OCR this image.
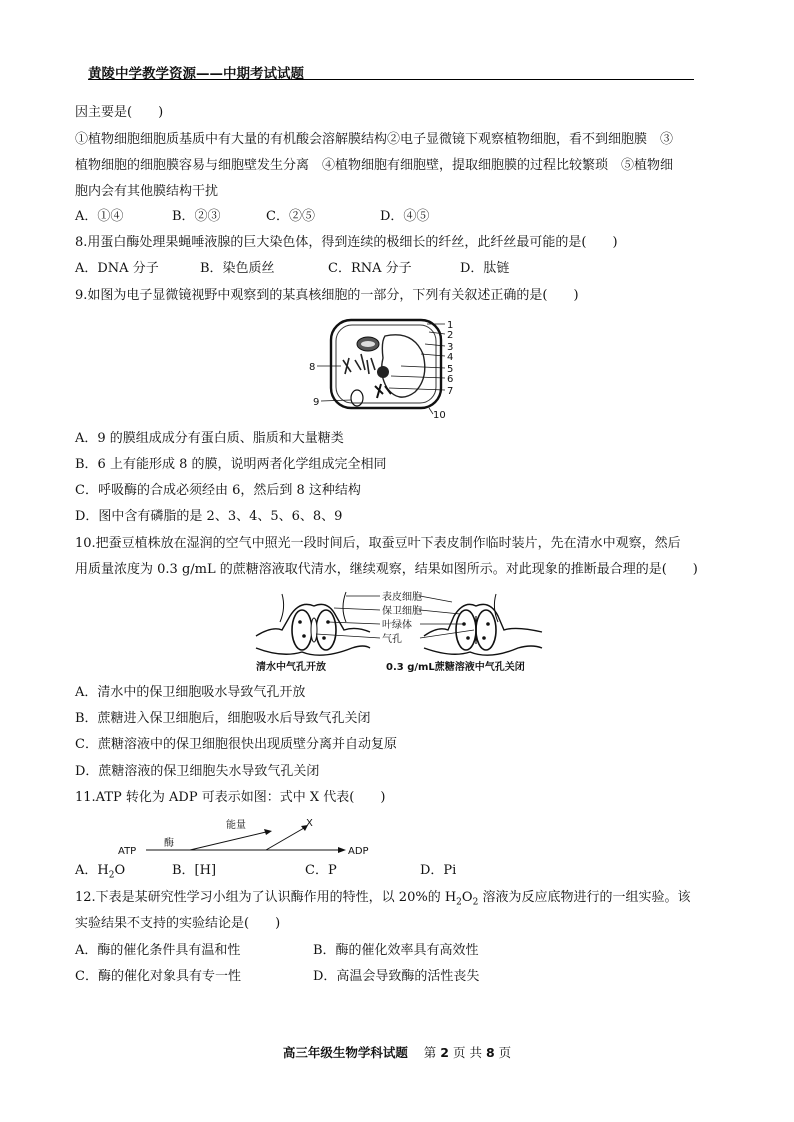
黄陵中学教学资源——中期考试试题
因主要是(　　)
①植物细胞细胞质基质中有大量的有机酸会溶解膜结构②电子显微镜下观察植物细胞，看不到细胞膜　③
植物细胞的细胞膜容易与细胞壁发生分离　④植物细胞有细胞壁，提取细胞膜的过程比较繁琐　⑤植物细
胞内会有其他膜结构干扰
A．①④	B．②③	C．②⑤	D．④⑤
8.用蛋白酶处理果蝇唾液腺的巨大染色体，得到连续的极细长的纤丝，此纤丝最可能的是(　　)
A．DNA 分子	B．染色质丝	C．RNA 分子	D．肽链
9.如图为电子显微镜视野中观察到的某真核细胞的一部分，下列有关叙述正确的是(　　)
1
2
3
4
5
6
7
8
9
10
A．9 的膜组成成分有蛋白质、脂质和大量糖类
B．6 上有能形成 8 的膜，说明两者化学组成完全相同
C．呼吸酶的合成必须经由 6，然后到 8 这种结构
D．图中含有磷脂的是 2、3、4、5、6、8、9
10.把蚕豆植株放在湿润的空气中照光一段时间后，取蚕豆叶下表皮制作临时装片，先在清水中观察，然后
用质量浓度为 0.3 g/mL 的蔗糖溶液取代清水，继续观察，结果如图所示。对此现象的推断最合理的是(　　)
表皮细胞
保卫细胞
叶绿体
气孔
清水中气孔开放	0.3 g/mL蔗糖溶液中气孔关闭
A．清水中的保卫细胞吸水导致气孔开放
B．蔗糖进入保卫细胞后，细胞吸水后导致气孔关闭
C．蔗糖溶液中的保卫细胞很快出现质壁分离并自动复原
D．蔗糖溶液的保卫细胞失水导致气孔关闭
11.ATP 转化为 ADP 可表示如图：式中 X 代表(　　)
ATP
酶
能量	X
ADP
A．$H_2O$	B．[H]	C．P	D．Pi
12.下表是某研究性学习小组为了认识酶作用的特性，以 20%的 $H_2O_2$ 溶液为反应底物进行的一组实验。该
实验结果不支持的实验结论是(　　)
A．酶的催化条件具有温和性	B．酶的催化效率具有高效性
C．酶的催化对象具有专一性	D．高温会导致酶的活性丧失
高三年级生物学科试题 第 2 页 共 8 页
